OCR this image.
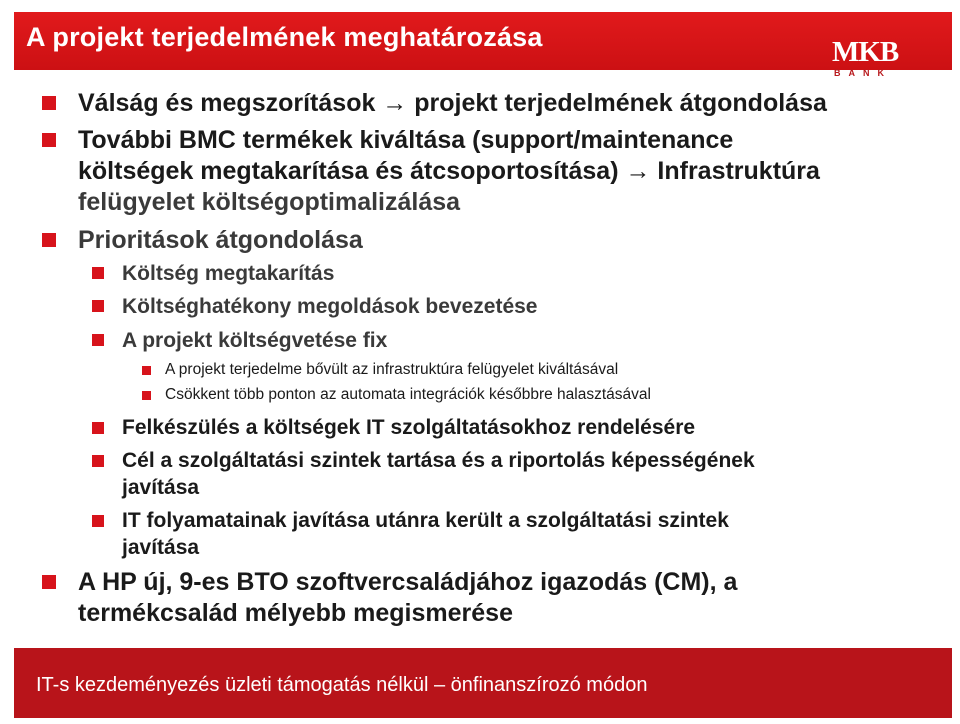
A projekt terjedelmének meghatározása	MKB
BANK
Válság és megszorítások → projekt terjedelmének átgondolása
További BMC termékek kiváltása (support/maintenance
költségek megtakarítása és átcsoportosítása) → Infrastruktúra
felügyelet költségoptimalizálása
Prioritások átgondolása
Költség megtakarítás
Költséghatékony megoldások bevezetése
A projekt költségvetése fix
A projekt terjedelme bővült az infrastruktúra felügyelet kiváltásával
Csökkent több ponton az automata integrációk későbbre halasztásával
Felkészülés a költségek IT szolgáltatásokhoz rendelésére
Cél a szolgáltatási szintek tartása és a riportolás képességének
javítása
IT folyamatainak javítása utánra került a szolgáltatási szintek
javítása
A HP új, 9-es BTO szoftvercsaládjához igazodás (CM), a
termékcsalád mélyebb megismerése
IT-s kezdeményezés üzleti támogatás nélkül – önfinanszírozó módon
